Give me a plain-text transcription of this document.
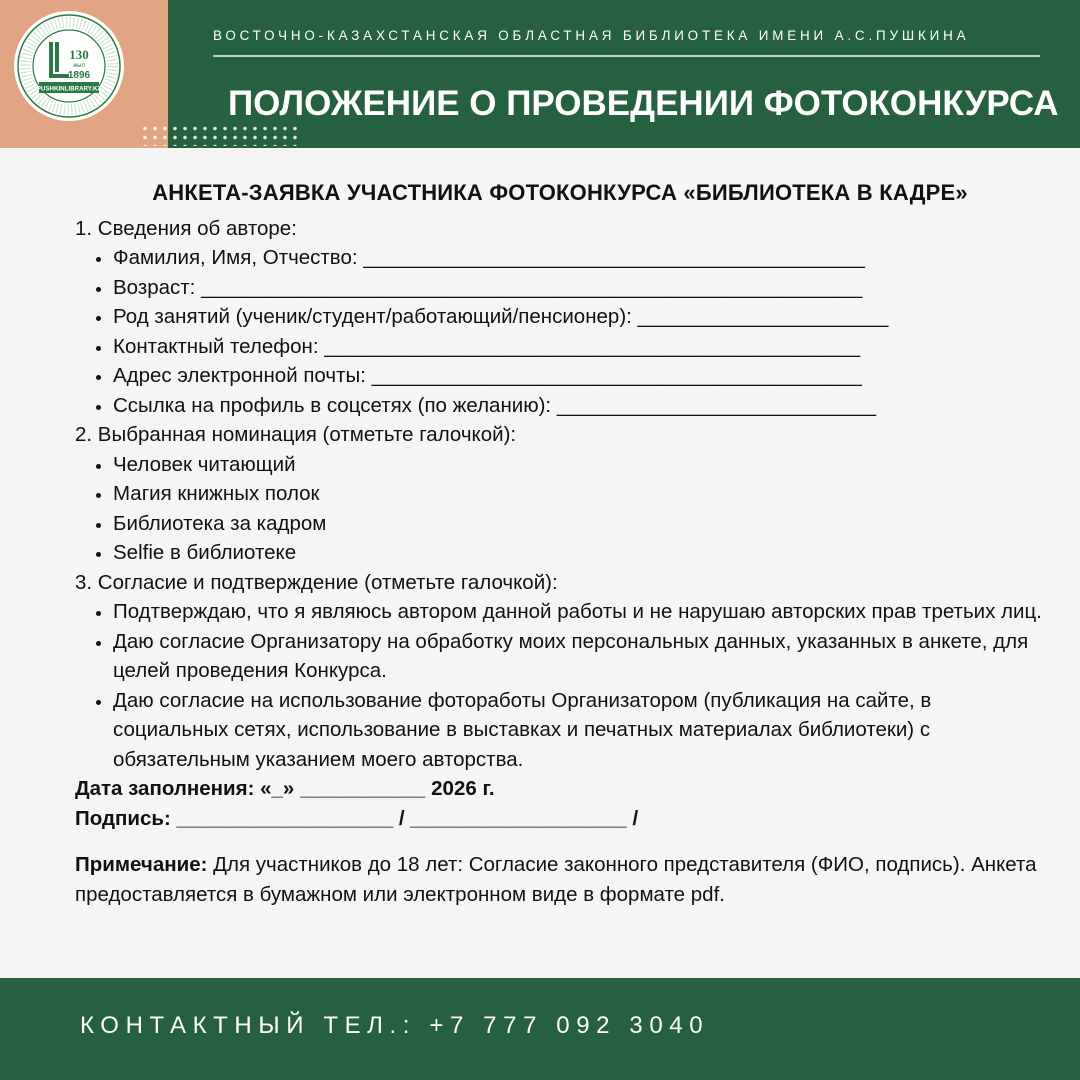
130
жыл
1896
PUSHKINLIBRARY.KZ
ВОСТОЧНО-КАЗАХСТАНСКАЯ ОБЛАСТНАЯ БИБЛИОТЕКА ИМЕНИ А.С.ПУШКИНА
ПОЛОЖЕНИЕ О ПРОВЕДЕНИИ ФОТОКОНКУРСА
АНКЕТА-ЗАЯВКА УЧАСТНИКА ФОТОКОНКУРСА «БИБЛИОТЕКА В КАДРЕ»
1. Сведения об авторе:
• Фамилия, Имя, Отчество: ____________________________________________
• Возраст: __________________________________________________________
• Род занятий (ученик/студент/работающий/пенсионер): ______________________
• Контактный телефон: _______________________________________________
• Адрес электронной почты: ___________________________________________
• Ссылка на профиль в соцсетях (по желанию): ____________________________
2. Выбранная номинация (отметьте галочкой):
• Человек читающий
• Магия книжных полок
• Библиотека за кадром
• Selfie в библиотеке
3. Согласие и подтверждение (отметьте галочкой):
• Подтверждаю, что я являюсь автором данной работы и не нарушаю авторских прав третьих лиц.
• Даю согласие Организатору на обработку моих персональных данных, указанных в анкете, для целей проведения Конкурса.
• Даю согласие на использование фотоработы Организатором (публикация на сайте, в социальных сетях, использование в выставках и печатных материалах библиотеки) с обязательным указанием моего авторства.
Дата заполнения: «_» ___________ 2026 г.
Подпись: ___________________ / ___________________ /
Примечание: Для участников до 18 лет: Согласие законного представителя (ФИО, подпись). Анкета предоставляется в бумажном или электронном виде в формате pdf.
КОНТАКТНЫЙ ТЕЛ.: +7 777 092 3040
